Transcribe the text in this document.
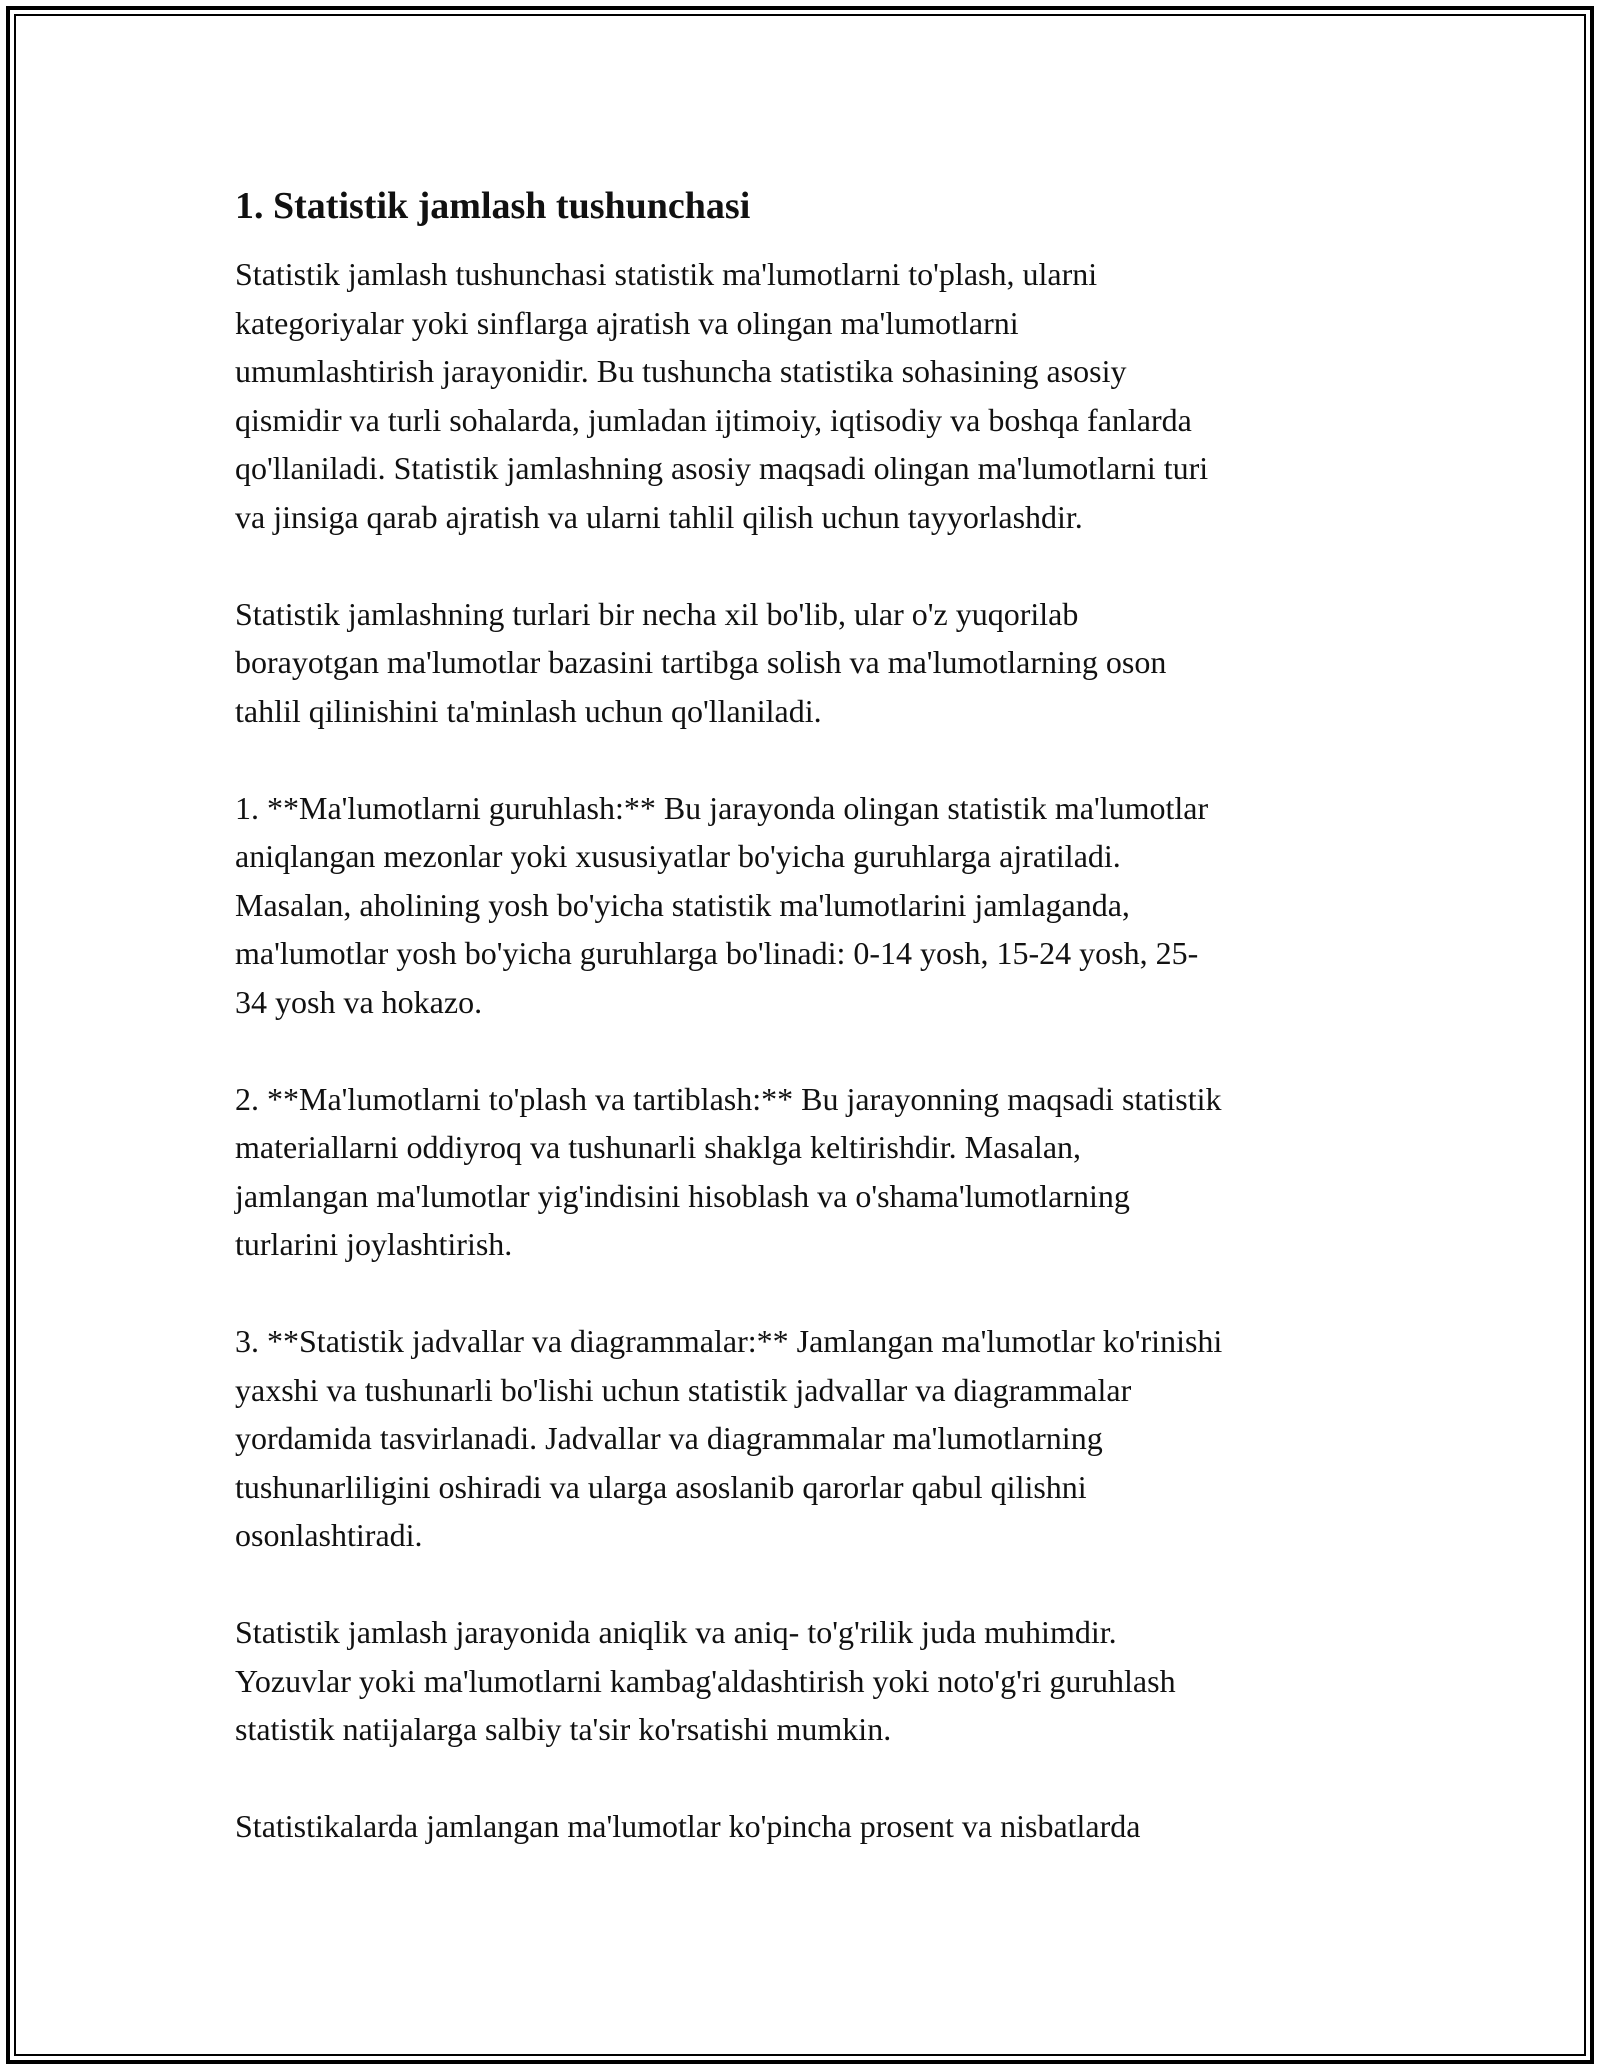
1. Statistik jamlash tushunchasi

Statistik jamlash tushunchasi statistik ma'lumotlarni to'plash, ularni
kategoriyalar yoki sinflarga ajratish va olingan ma'lumotlarni
umumlashtirish jarayonidir. Bu tushuncha statistika sohasining asosiy
qismidir va turli sohalarda, jumladan ijtimoiy, iqtisodiy va boshqa fanlarda
qo'llaniladi. Statistik jamlashning asosiy maqsadi olingan ma'lumotlarni turi
va jinsiga qarab ajratish va ularni tahlil qilish uchun tayyorlashdir.

Statistik jamlashning turlari bir necha xil bo'lib, ular o'z yuqorilab
borayotgan ma'lumotlar bazasini tartibga solish va ma'lumotlarning oson
tahlil qilinishini ta'minlash uchun qo'llaniladi.

1. **Ma'lumotlarni guruhlash:** Bu jarayonda olingan statistik ma'lumotlar
aniqlangan mezonlar yoki xususiyatlar bo'yicha guruhlarga ajratiladi.
Masalan, aholining yosh bo'yicha statistik ma'lumotlarini jamlaganda,
ma'lumotlar yosh bo'yicha guruhlarga bo'linadi: 0-14 yosh, 15-24 yosh, 25-
34 yosh va hokazo.

2. **Ma'lumotlarni to'plash va tartiblash:** Bu jarayonning maqsadi statistik
materiallarni oddiyroq va tushunarli shaklga keltirishdir. Masalan,
jamlangan ma'lumotlar yig'indisini hisoblash va o'shama'lumotlarning
turlarini joylashtirish.

3. **Statistik jadvallar va diagrammalar:** Jamlangan ma'lumotlar ko'rinishi
yaxshi va tushunarli bo'lishi uchun statistik jadvallar va diagrammalar
yordamida tasvirlanadi. Jadvallar va diagrammalar ma'lumotlarning
tushunarliligini oshiradi va ularga asoslanib qarorlar qabul qilishni
osonlashtiradi.

Statistik jamlash jarayonida aniqlik va aniq- to'g'rilik juda muhimdir.
Yozuvlar yoki ma'lumotlarni kambag'aldashtirish yoki noto'g'ri guruhlash
statistik natijalarga salbiy ta'sir ko'rsatishi mumkin.

Statistikalarda jamlangan ma'lumotlar ko'pincha prosent va nisbatlarda
